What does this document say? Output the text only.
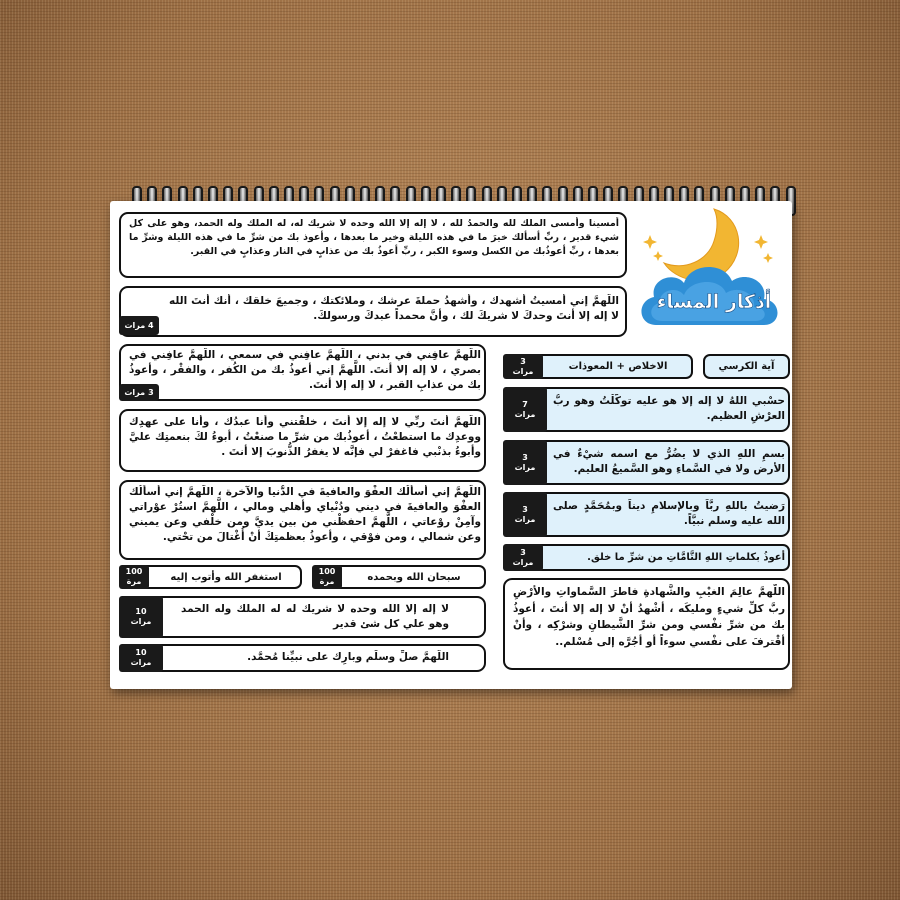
أذكار المساء
أمسينا وأمسى الملك لله والحمدُ لله ، لا إله إلا الله وحده لا شريك له، له الملك وله الحمد، وهو على كل شيء قدير ، ربِّ أسألك خيرَ ما في هذه الليلة وخير ما بعدها ، وأعوذ بك من شرِّ ما في هذه الليلة وشرِّ ما بعدها ، ربِّ أعوذُبك من الكسل وسوء الكبر ، ربِّ أعوذُ بك من عذابٍ في النار وعذابٍ في القبر.
اللَّهمَّ إني أمسيتُ أُشهدك ، وأُشهدُ حملةَ عرشك ، وملائكتك ، وجميعَ خلقك ، أنك أنتَ الله لا إله إلا أنتَ وحدكَ لا شريكَ لك ، وأنَّ محمداً عبدكَ ورسولكَ.
4 مرات
اللَّهمَّ عافِني في بدني ، اللَّهمَّ عافِني في سمعي ، اللَّهمَّ عافِني في بصري ، لا إله إلا أنتَ. اللَّهمَّ إني أعوذُ بك من الكُفر ، والفقْر ، وأعوذُ بك من عذابِ القبر ، لا إله إلا أنتَ.
3
مرات
اللَّهمَّ أنتَ ربِّي لا إله إلا أنتَ ، خلقْتني وأنا عبدُك ، وأنا على عهدِك ووعدِك ما استطعْتُ ، أعوذُبك من شرِّ ما صنعْتُ ، أبوءُ لكَ بنعمتِك عليَّ وأبوءُ بذنْبي فاغفرْ لي فإنَّه لا يغفرُ الذُّنوبَ إلا أنتَ .
اللَّهمَّ إني أسألُك العفْوَ والعافيةَ في الدُّنيا والآخرة ، اللَّهمَّ إني أسألُك العفْوَ والعافيةَ في ديني ودُنْياي وأهلي ومالي ، اللَّهمَّ استُرْ عوْراتي وآمِنْ روْعاتي ، اللَّهمَّ احفظْني من بين يديَّ ومن خلْفي وعن يميني وعن شمالي ، ومن فوْقي ، وأعوذُ بعظمتِكَ أنْ أُغْتالَ من تحْتي.
100
مرة	استغفر الله وأتوب إليه	100
مرة	سبحان الله وبحمده
10
مرات
لا إله إلا الله وحده لا شريك له له الملك وله الحمد وهو علي كل شئ قدير
10
مرات	اللَّهمَّ صلِّ وسلِّم وبارِك على نبيِّنا مُحمَّد.
آية الكرسي
3
مرات	الاخلاص + المعوذات
7
مرات
حسْبي اللهُ لا إله إلا هو عليه توكَّلْتُ وهو ربُّ العرْشِ العظيم.
3
مرات
بسمِ اللهِ الذي لا يضُرُّ مع اسمه شيْءٌ في الأرض ولا في السَّماءِ وهو السَّميعُ العليم.
3
مرات
رَضيتُ باللهِ ربَّاً وبالإسلامِ ديناً وبمُحَمَّدٍ صلى الله عليه وسلم نبيَّاً.
3
مرات	أعوذُ بكلماتِ اللهِ التَّامَّاتِ من شرِّ ما خلق.
اللَّهمَّ عالِمَ الغيْبِ والشَّهادةِ فاطرَ السَّماواتِ والأرْضِ ربَّ كلِّ شيءٍ ومليكَه ، أشْهدُ أنْ لا إله إلا أنتَ ، أعوذُ بك من شرِّ نفْسي ومن شرِّ الشَّيطانِ وشرْكِه ، وأنْ أقْترفَ على نفْسي سوءاً أو أجُرَّه إلى مُسْلم..
